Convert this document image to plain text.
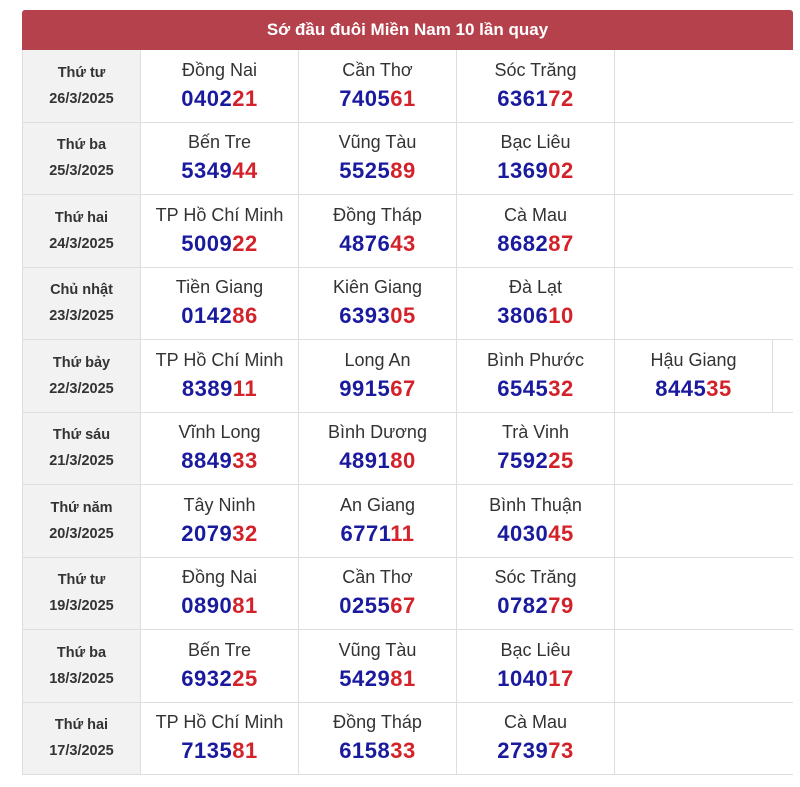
Sớ đầu đuôi Miền Nam 10 lần quay
Thứ tư
26/3/2025
Đồng Nai
040221
Cần Thơ
740561
Sóc Trăng
636172
Thứ ba
25/3/2025
Bến Tre
534944
Vũng Tàu
552589
Bạc Liêu
136902
Thứ hai
24/3/2025
TP Hồ Chí Minh
500922
Đồng Tháp
487643
Cà Mau
868287
Chủ nhật
23/3/2025
Tiền Giang
014286
Kiên Giang
639305
Đà Lạt
380610
Thứ bảy
22/3/2025
TP Hồ Chí Minh
838911
Long An
991567
Bình Phước
654532
Hậu Giang
844535
Thứ sáu
21/3/2025
Vĩnh Long
884933
Bình Dương
489180
Trà Vinh
759225
Thứ năm
20/3/2025
Tây Ninh
207932
An Giang
677111
Bình Thuận
403045
Thứ tư
19/3/2025
Đồng Nai
089081
Cần Thơ
025567
Sóc Trăng
078279
Thứ ba
18/3/2025
Bến Tre
693225
Vũng Tàu
542981
Bạc Liêu
104017
Thứ hai
17/3/2025
TP Hồ Chí Minh
713581
Đồng Tháp
615833
Cà Mau
273973
